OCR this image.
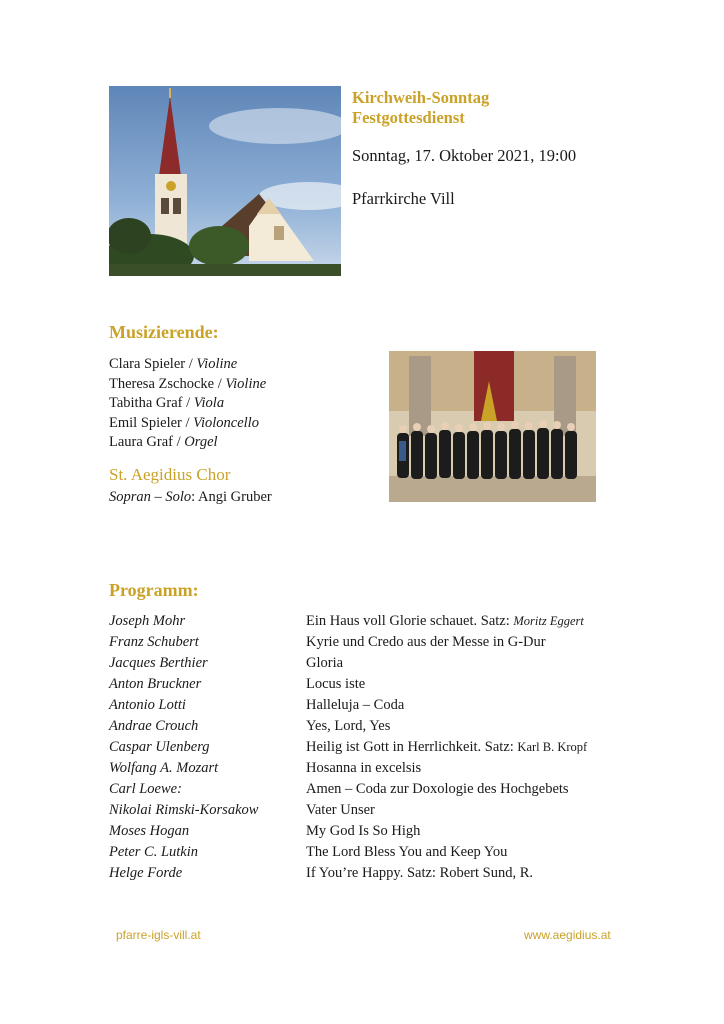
Kirchweih-Sonntag
Festgottesdienst
Sonntag, 17. Oktober 2021, 19:00
Pfarrkirche Vill
Musizierende:
Clara Spieler / Violine
Theresa Zschocke / Violine
Tabitha Graf / Viola
Emil Spieler / Violoncello
Laura Graf / Orgel
St. Aegidius Chor
Sopran – Solo: Angi Gruber
Programm:
Joseph Mohr	Ein Haus voll Glorie schauet. Satz: Moritz Eggert
Franz Schubert	Kyrie und Credo aus der Messe in G-Dur
Jacques Berthier	Gloria
Anton Bruckner	Locus iste
Antonio Lotti	Halleluja – Coda
Andrae Crouch	Yes, Lord, Yes
Caspar Ulenberg	Heilig ist Gott in Herrlichkeit. Satz: Karl B. Kropf
Wolfang A. Mozart	Hosanna in excelsis
Carl Loewe:	Amen – Coda zur Doxologie des Hochgebets
Nikolai Rimski-Korsakow	Vater Unser
Moses Hogan	My God Is So High
Peter C. Lutkin	The Lord Bless You and Keep You
Helge Forde	If You’re Happy. Satz: Robert Sund, R.
pfarre-igls-vill.at	www.aegidius.at
